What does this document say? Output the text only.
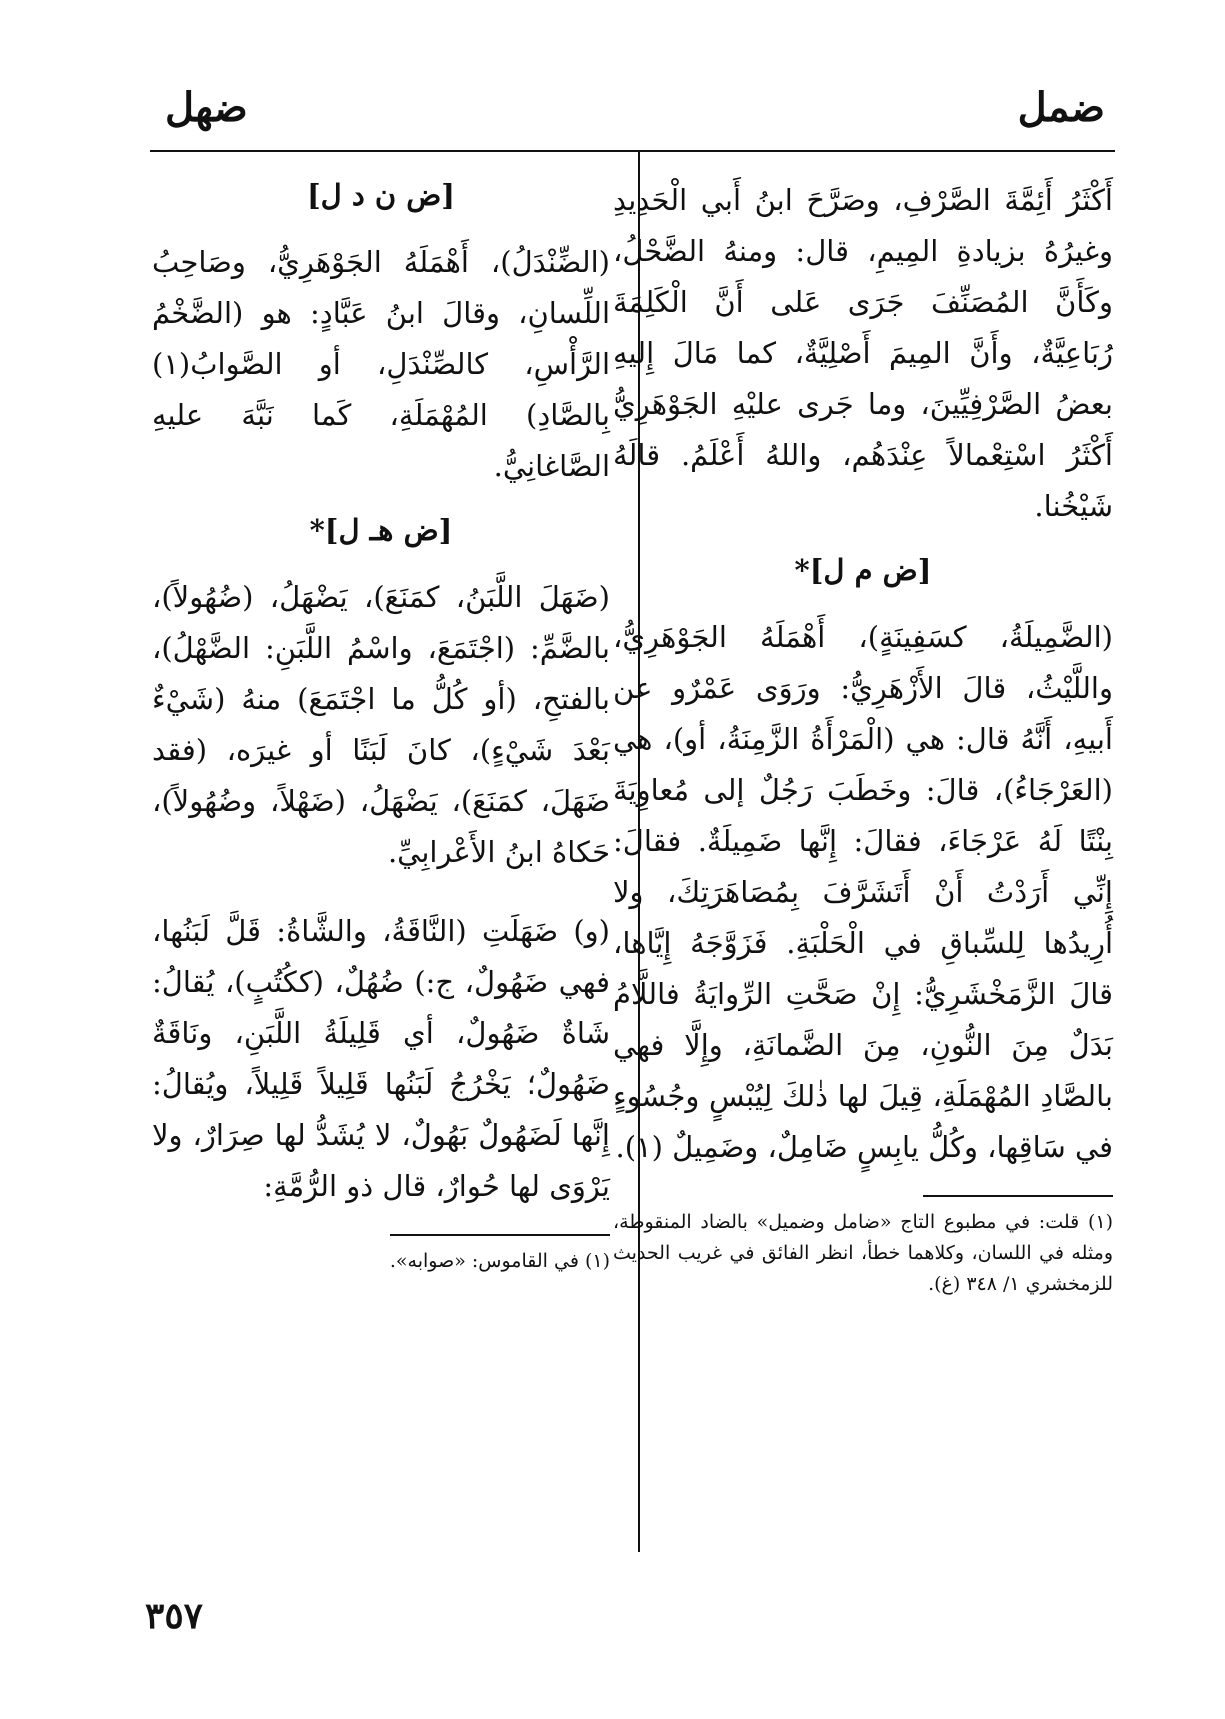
ضمل
ضهل

أَكْثَرُ أَئِمَّةَ الصَّرْفِ، وصَرَّحَ ابنُ أَبي الْحَدِيدِ وغيرُهُ بزيادةِ المِيمِ، قال: ومنهُ الضَّحْلُ، وكَأَنَّ المُصَنِّفَ جَرَى عَلى أَنَّ الْكَلِمَةَ رُبَاعِيَّةٌ، وأَنَّ المِيمَ أَصْلِيَّةٌ، كما مَالَ إِليهِ بعضُ الصَّرْفِيِّينَ، وما جَرى عليْهِ الجَوْهَرِيُّ أَكْثَرُ اسْتِعْمالاً عِنْدَهُم، واللهُ أَعْلَمُ. قالَهُ شَيْخُنا.

[ض م ل]*

(الضَّمِيلَةُ، كسَفِينَةٍ)، أَهْمَلَهُ الجَوْهَرِيُّ، واللَّيْثُ، قالَ الأَزْهَرِيُّ: ورَوَى عَمْرٌو عن أَبيهِ، أَنَّهُ قال: هي (الْمَرْأَةُ الزَّمِنَةُ، أو)، هي (العَرْجَاءُ)، قالَ: وخَطَبَ رَجُلٌ إلى مُعاوِيَةَ بِنْتًا لَهُ عَرْجَاءَ، فقالَ: إِنَّها ضَمِيلَةٌ. فقالَ: إِنِّي أَرَدْتُ أَنْ أَتَشَرَّفَ بِمُصَاهَرَتِكَ، ولا أُرِيدُها لِلسِّباقِ في الْحَلْبَةِ. فَزَوَّجَهُ إِيَّاها، قالَ الزَّمَخْشَرِيُّ: إِنْ صَحَّتِ الرِّوايَةُ فاللَّامُ بَدَلٌ مِنَ النُّونِ، مِنَ الضَّمانَةِ، وإِلَّا فهي بالصَّادِ المُهْمَلَةِ، قِيلَ لها ذٰلكَ لِيُبْسٍ وجُسُوءٍ في سَاقِها، وكُلُّ يابِسٍ ضَامِلٌ، وضَمِيلٌ (١).

(١) قلت: في مطبوع التاج «ضامل وضميل» بالضاد المنقوطة، ومثله في اللسان، وكلاهما خطأ، انظر الفائق في غريب الحديث للزمخشري ١/ ٣٤٨ (غ).

[ض ن د ل]

(الضِّنْدَلُ)، أَهْمَلَهُ الجَوْهَرِيُّ، وصَاحِبُ اللِّسانِ، وقالَ ابنُ عَبَّادٍ: هو (الضَّخْمُ الرَّأْسِ، كالصِّنْدَلِ، أو الصَّوابُ(١) بِالصَّادِ) المُهْمَلَةِ، كَما نَبَّهَ عليهِ الصَّاغانِيُّ.

[ض هـ ل]*

(ضَهَلَ اللَّبَنُ، كمَنَعَ)، يَضْهَلُ، (ضُهُولاً)، بالضَّمِّ: (اجْتَمَعَ، واسْمُ اللَّبَنِ: الضَّهْلُ)، بالفتحِ، (أو كُلُّ ما اجْتَمَعَ) منهُ (شَيْءٌ بَعْدَ شَيْءٍ)، كانَ لَبَنًا أو غيرَه، (فقد ضَهَلَ، كمَنَعَ)، يَضْهَلُ، (ضَهْلاً، وضُهُولاً)، حَكاهُ ابنُ الأَعْرابِيِّ.

(و) ضَهَلَتِ (النَّاقَةُ، والشَّاةُ: قَلَّ لَبَنُها، فهي ضَهُولٌ، ج:) ضُهُلٌ، (ككُتُبٍ)، يُقالُ: شَاةٌ ضَهُولٌ، أي قَلِيلَةُ اللَّبَنِ، ونَاقَةٌ ضَهُولٌ؛ يَخْرُجُ لَبَنُها قَلِيلاً قَلِيلاً، ويُقالُ: إِنَّها لَضَهُولٌ بَهُولٌ، لا يُشَدُّ لها صِرَارٌ، ولا يَرْوَى لها حُوارٌ، قال ذو الرُّمَّةِ:

(١) في القاموس: «صوابه».

٣٥٧
